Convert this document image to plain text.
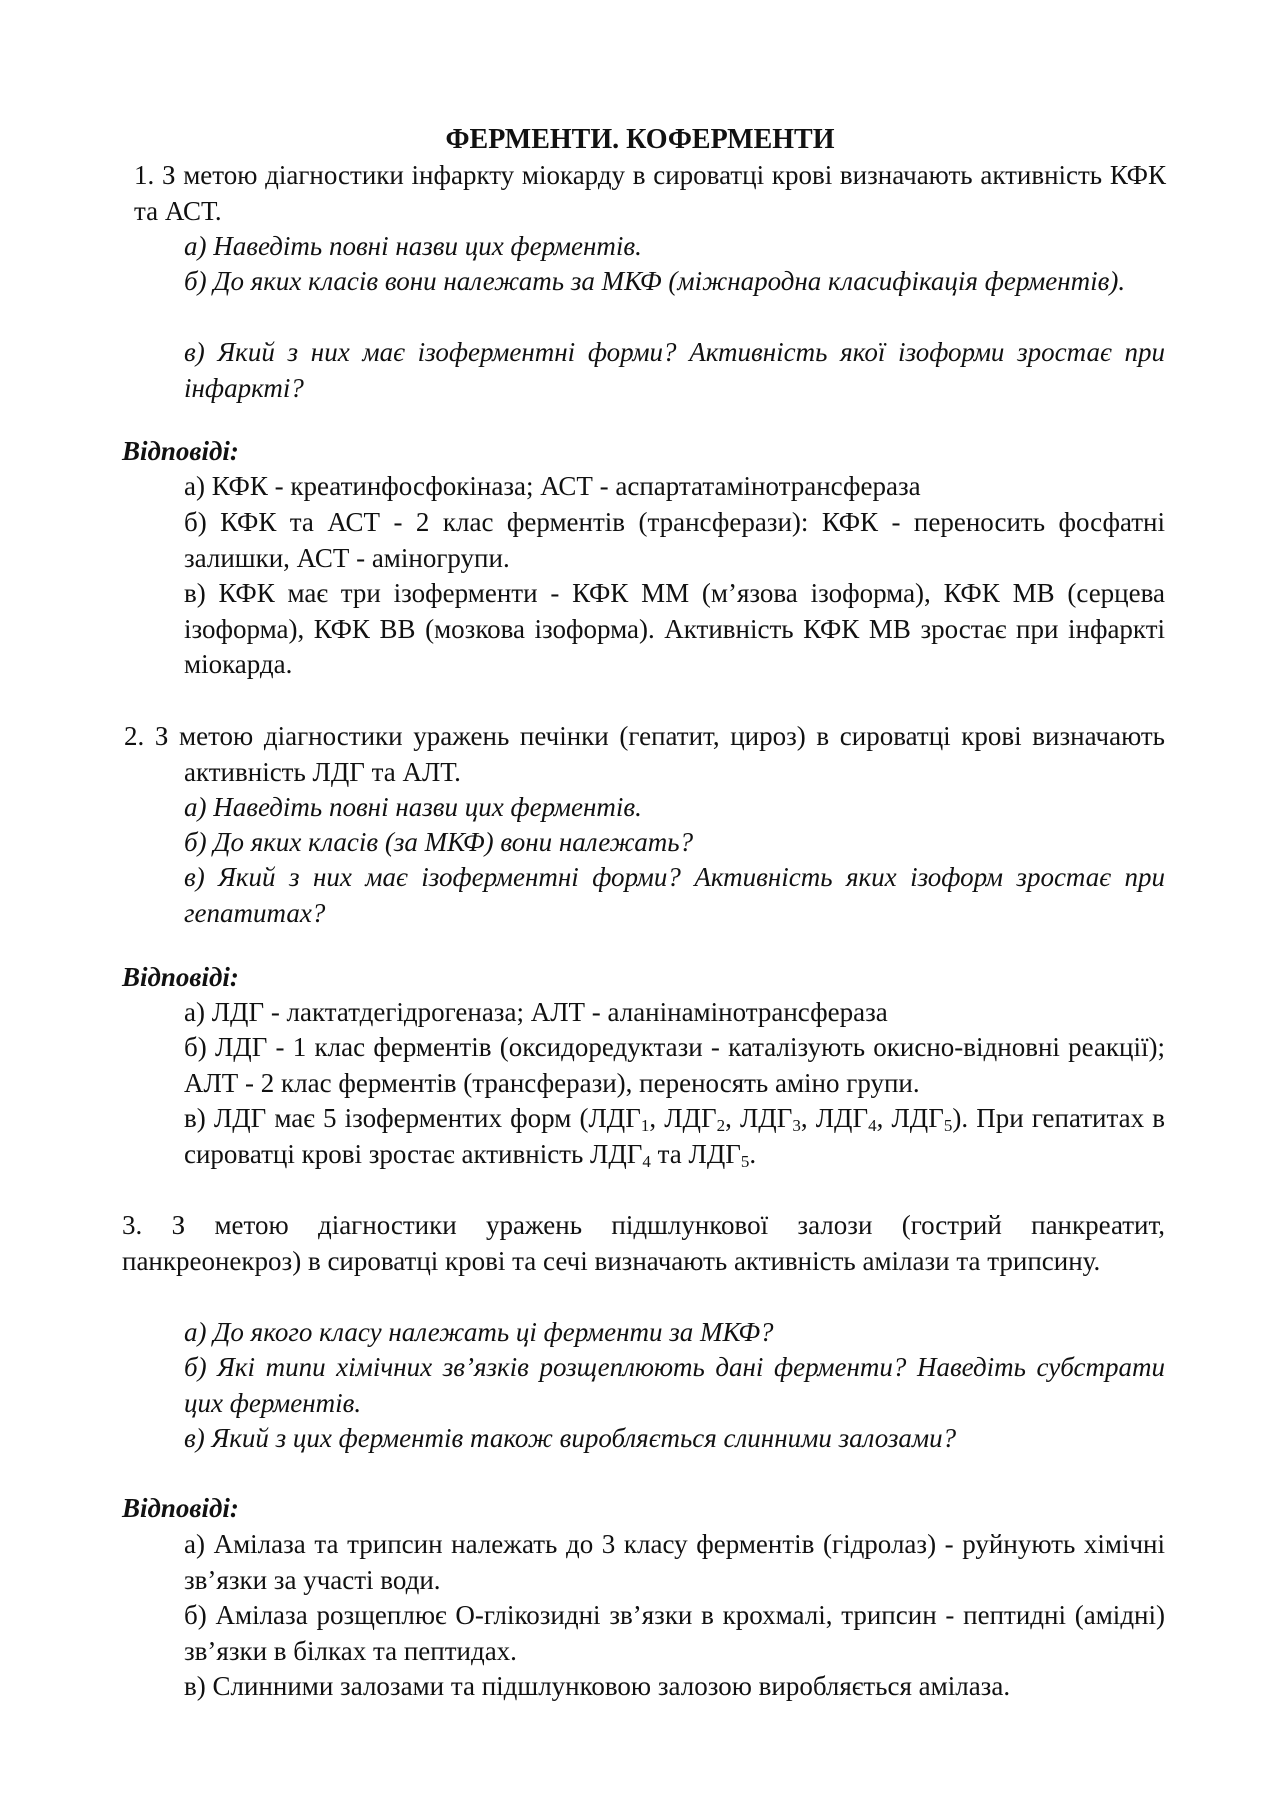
ФЕРМЕНТИ. КОФЕРМЕНТИ
1. З метою діагностики інфаркту міокарду в сироватці крові визначають активність КФК та АСТ.
а) Наведіть повні назви цих ферментів.
б) До яких класів вони належать за МКФ (міжнародна класифікація ферментів).
в) Який з них має ізоферментні форми? Активність якої ізоформи зростає при інфаркті?
Відповіді:
а) КФК - креатинфосфокіназа; АСТ - аспартатамінотрансфераза
б) КФК та АСТ - 2 клас ферментів (трансферази): КФК - переносить фосфатні залишки, АСТ - аміногрупи.
в) КФК має три ізоферменти - КФК ММ (м’язова ізоформа), КФК МВ (серцева ізоформа), КФК ВВ (мозкова ізоформа). Активність КФК МВ зростає при інфаркті міокарда.
2. З метою діагностики уражень печінки (гепатит, цироз) в сироватці крові визначають активність ЛДГ та АЛТ.
а) Наведіть повні назви цих ферментів.
б) До яких класів (за МКФ) вони належать?
в) Який з них має ізоферментні форми? Активність яких ізоформ зростає при гепатитах?
Відповіді:
а) ЛДГ - лактатдегідрогеназа; АЛТ - аланінамінотрансфераза
б) ЛДГ - 1 клас ферментів (оксидоредуктази - каталізують окисно-відновні реакції); АЛТ - 2 клас ферментів (трансферази), переносять аміно групи.
в) ЛДГ має 5 ізоферментих форм ($ЛДГ_1$, $ЛДГ_2$, $ЛДГ_3$, $ЛДГ_4$, $ЛДГ_5$). При гепатитах в сироватці крові зростає активність $ЛДГ_4$ та $ЛДГ_5$.
3. З метою діагностики уражень підшлункової залози (гострий панкреатит, панкреонекроз) в сироватці крові та сечі визначають активність амілази та трипсину.
а) До якого класу належать ці ферменти за МКФ?
б) Які типи хімічних зв’язків розщеплюють дані ферменти? Наведіть субстрати цих ферментів.
в) Який з цих ферментів також виробляється слинними залозами?
Відповіді:
а) Амілаза та трипсин належать до 3 класу ферментів (гідролаз) - руйнують хімічні зв’язки за участі води.
б) Амілаза розщеплює О-глікозидні зв’язки в крохмалі, трипсин - пептидні (амідні) зв’язки в білках та пептидах.
в) Слинними залозами та підшлунковою залозою виробляється амілаза.
